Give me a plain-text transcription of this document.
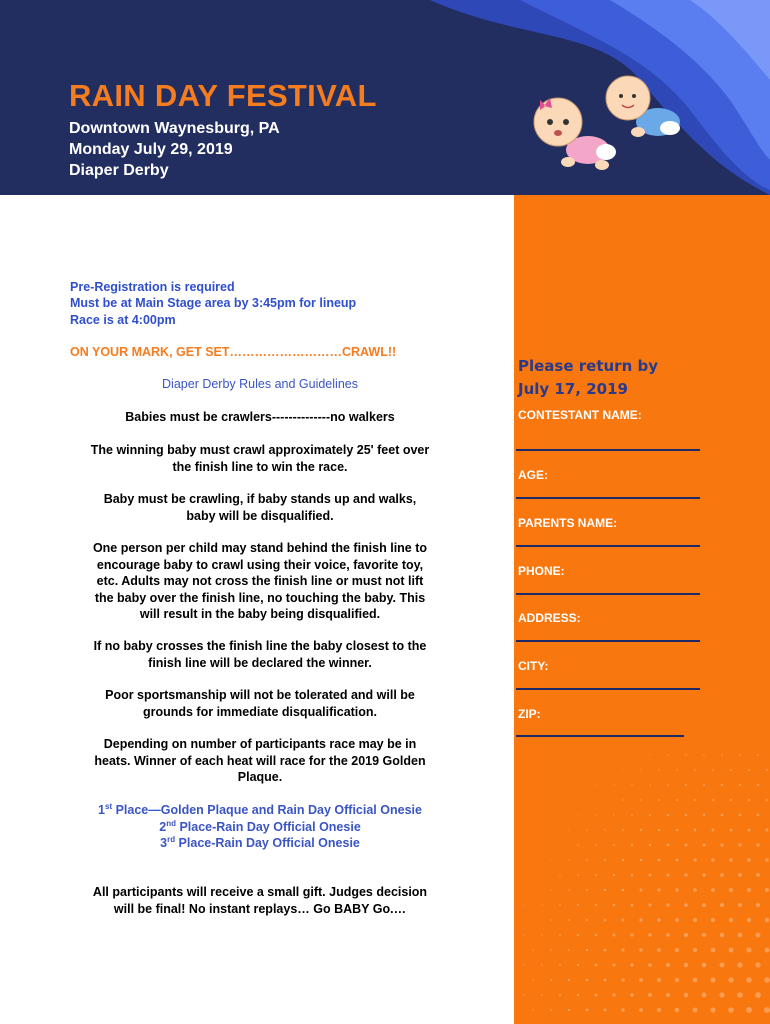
RAIN DAY FESTIVAL
Downtown Waynesburg, PA
Monday July 29, 2019
Diaper Derby
Pre-Registration is required
Must be at Main Stage area by 3:45pm for lineup
Race is at 4:00pm
ON YOUR MARK, GET SET………………………CRAWL!!
Diaper Derby Rules and Guidelines
Babies must be crawlers--------------no walkers
The winning baby must crawl approximately 25' feet over
the finish line to win the race.
Baby must be crawling, if baby stands up and walks,
baby will be disqualified.
One person per child may stand behind the finish line to
encourage baby to crawl using their voice, favorite toy,
etc. Adults may not cross the finish line or must not lift
the baby over the finish line, no touching the baby. This
will result in the baby being disqualified.
If no baby crosses the finish line the baby closest to the
finish line will be declared the winner.
Poor sportsmanship will not be tolerated and will be
grounds for immediate disqualification.
Depending on number of participants race may be in
heats. Winner of each heat will race for the 2019 Golden
Plaque.
1st Place—Golden Plaque and Rain Day Official Onesie
2nd Place-Rain Day Official Onesie
3rd Place-Rain Day Official Onesie
All participants will receive a small gift. Judges decision
will be final! No instant replays… Go BABY Go.…
Please return by
July 17, 2019
CONTESTANT NAME:
AGE:
PARENTS NAME:
PHONE:
ADDRESS:
CITY:
ZIP:
